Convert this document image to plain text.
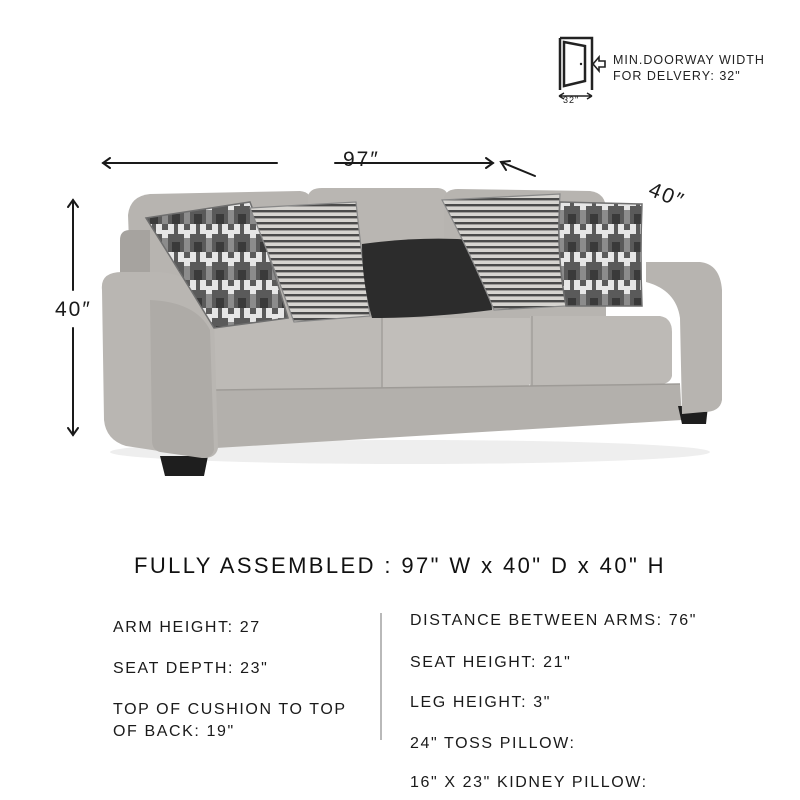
32"
MIN.DOORWAY WIDTH
FOR DELVERY: 32"
97″
40″
40″
FULLY ASSEMBLED : 97" W x 40" D x 40" H
ARM HEIGHT: 27
SEAT DEPTH: 23"
TOP OF CUSHION TO TOP OF BACK: 19"
DISTANCE BETWEEN ARMS: 76"
SEAT HEIGHT: 21"
LEG HEIGHT: 3"
24" TOSS PILLOW:
16" X 23" KIDNEY PILLOW:
